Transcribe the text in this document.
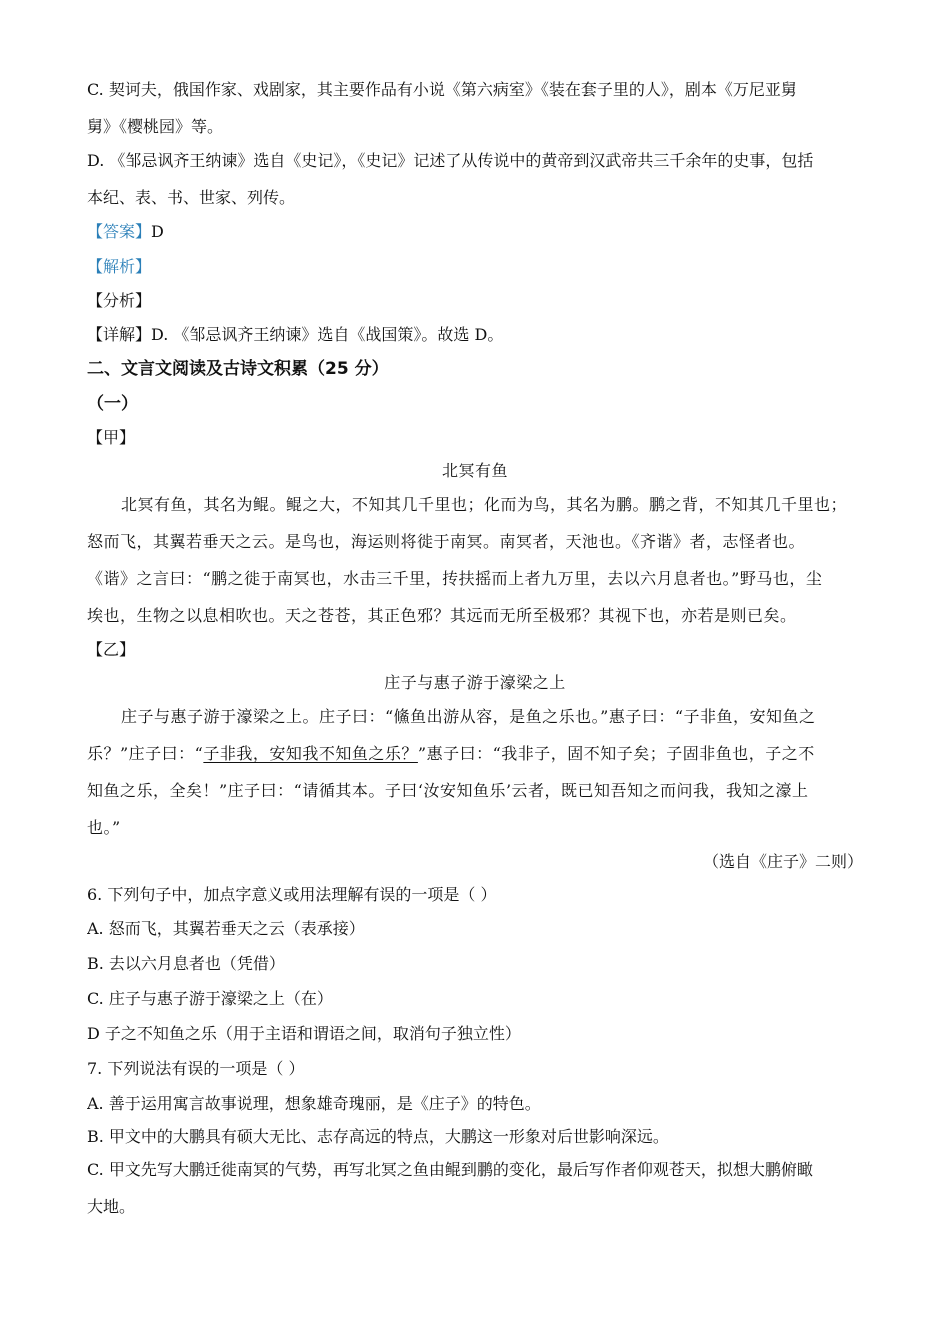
C. 契诃夫，俄国作家、戏剧家，其主要作品有小说《第六病室》《装在套子里的人》，剧本《万尼亚舅
舅》《樱桃园》等。
D. 《邹忌讽齐王纳谏》选自《史记》，《史记》记述了从传说中的黄帝到汉武帝共三千余年的史事，包括
本纪、表、书、世家、列传。
【答案】D
【解析】
【分析】
【详解】D. 《邹忌讽齐王纳谏》选自《战国策》。故选 D。
二、文言文阅读及古诗文积累（25 分）
（一）
【甲】
北冥有鱼
北冥有鱼，其名为鲲。鲲之大，不知其几千里也；化而为鸟，其名为鹏。鹏之背，不知其几千里也；
怒而飞，其翼若垂天之云。是鸟也，海运则将徙于南冥。南冥者，天池也。《齐谐》者，志怪者也。
《谐》之言曰：“鹏之徙于南冥也，水击三千里，抟扶摇而上者九万里，去以六月息者也。”野马也，尘
埃也，生物之以息相吹也。天之苍苍，其正色邪？其远而无所至极邪？其视下也，亦若是则已矣。
【乙】
庄子与惠子游于濠梁之上
庄子与惠子游于濠梁之上。庄子曰：“鯈鱼出游从容，是鱼之乐也。”惠子曰：“子非鱼，安知鱼之
乐？”庄子曰：“子非我，安知我不知鱼之乐？”惠子曰：“我非子，固不知子矣；子固非鱼也，子之不
知鱼之乐，全矣！”庄子曰：“请循其本。子曰‘汝安知鱼乐’云者，既已知吾知之而问我，我知之濠上
也。”
（选自《庄子》二则）
6. 下列句子中，加点字意义或用法理解有误的一项是（ ）
A. 怒而飞，其翼若垂天之云（表承接）
B. 去以六月息者也（凭借）
C. 庄子与惠子游于濠梁之上（在）
D 子之不知鱼之乐（用于主语和谓语之间，取消句子独立性）
7. 下列说法有误的一项是（ ）
A. 善于运用寓言故事说理，想象雄奇瑰丽，是《庄子》的特色。
B. 甲文中的大鹏具有硕大无比、志存高远的特点，大鹏这一形象对后世影响深远。
C. 甲文先写大鹏迁徙南冥的气势，再写北冥之鱼由鲲到鹏的变化，最后写作者仰观苍天，拟想大鹏俯瞰
大地。
